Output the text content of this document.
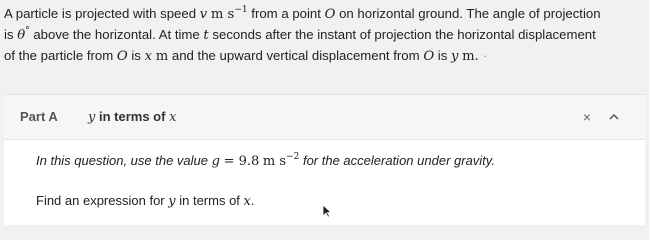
A particle is projected with speed v m $s^{-1}$ from a point O on horizontal ground. The angle of projection
is θ° above the horizontal. At time t seconds after the instant of projection the horizontal displacement
of the particle from O is x m and the upward vertical displacement from O is y m. ·
Part A y in terms of x	×
In this question, use the value g = 9.8 m $s^{-2}$ for the acceleration under gravity.
Find an expression for y in terms of x.
